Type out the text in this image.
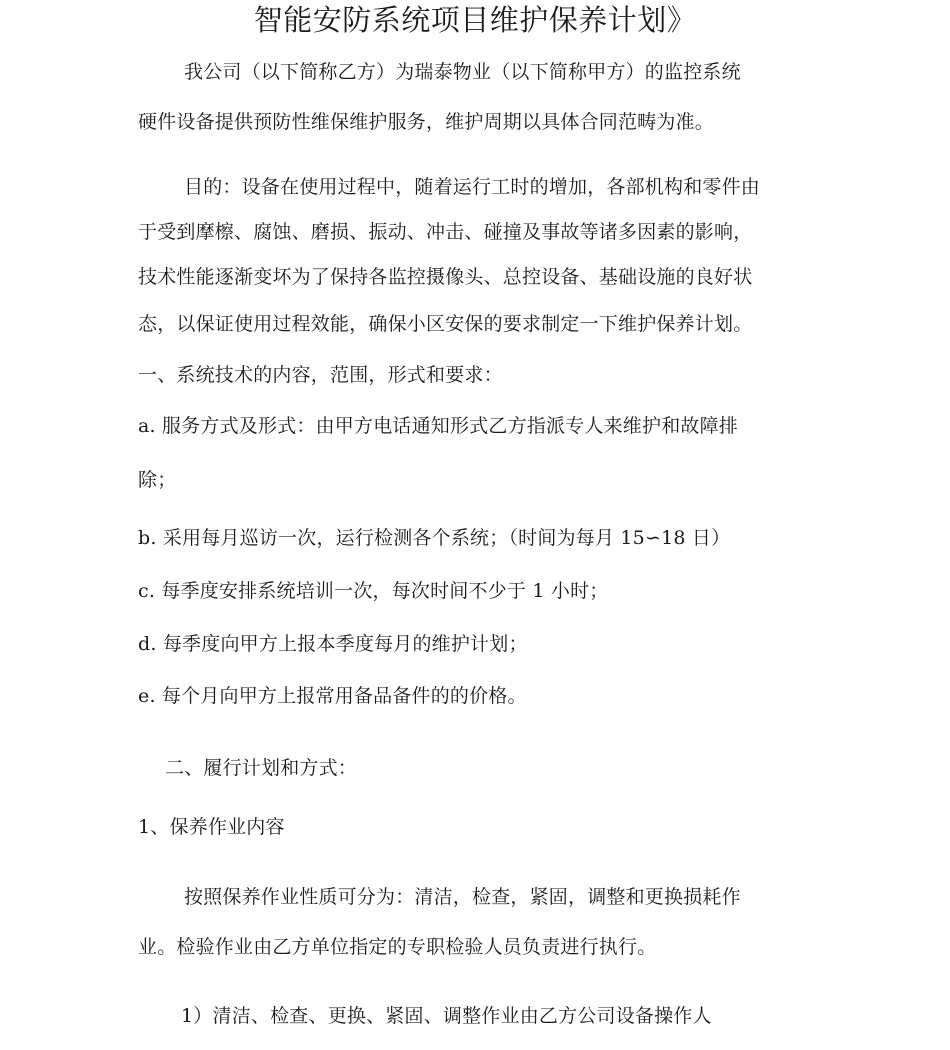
智能安防系统项目维护保养计划》
我公司（以下简称乙方）为瑞泰物业（以下简称甲方）的监控系统
硬件设备提供预防性维保维护服务，维护周期以具体合同范畴为准。
目的：设备在使用过程中，随着运行工时的增加，各部机构和零件由
于受到摩檫、腐蚀、磨损、振动、冲击、碰撞及事故等诸多因素的影响，
技术性能逐渐变坏为了保持各监控摄像头、总控设备、基础设施的良好状
态，以保证使用过程效能，确保小区安保的要求制定一下维护保养计划。
一、系统技术的内容，范围，形式和要求：
a. 服务方式及形式：由甲方电话通知形式乙方指派专人来维护和故障排
除；
b. 采用每月巡访一次，运行检测各个系统；（时间为每月 15∽18 日）
c. 每季度安排系统培训一次，每次时间不少于 1 小时；
d. 每季度向甲方上报本季度每月的维护计划；
e. 每个月向甲方上报常用备品备件的的价格。
二、履行计划和方式：
1、保养作业内容
按照保养作业性质可分为：清洁，检查，紧固，调整和更换损耗作
业。检验作业由乙方单位指定的专职检验人员负责进行执行。
1）清洁、检查、更换、紧固、调整作业由乙方公司设备操作人
